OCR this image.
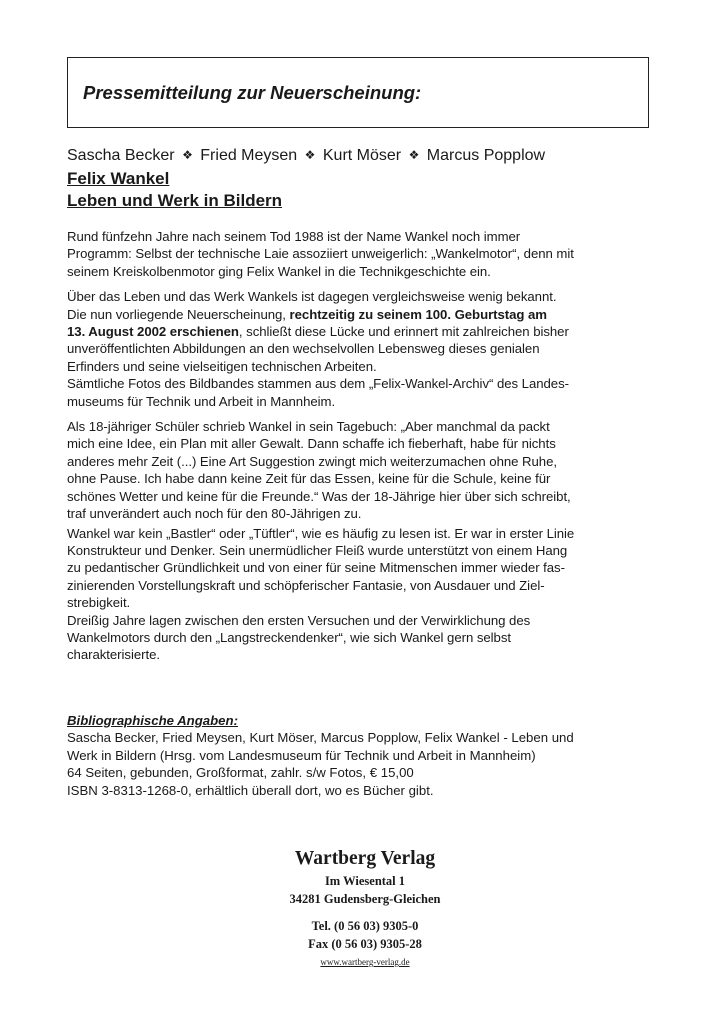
Pressemitteilung zur Neuerscheinung:
Sascha Becker ❖ Fried Meysen ❖ Kurt Möser ❖ Marcus Popplow
Felix Wankel
Leben und Werk in Bildern

Rund fünfzehn Jahre nach seinem Tod 1988 ist der Name Wankel noch immer
Programm: Selbst der technische Laie assoziiert unweigerlich: „Wankelmotor“, denn mit
seinem Kreiskolbenmotor ging Felix Wankel in die Technikgeschichte ein.

Über das Leben und das Werk Wankels ist dagegen vergleichsweise wenig bekannt.
Die nun vorliegende Neuerscheinung, rechtzeitig zu seinem 100. Geburtstag am
13. August 2002 erschienen, schließt diese Lücke und erinnert mit zahlreichen bisher
unveröffentlichten Abbildungen an den wechselvollen Lebensweg dieses genialen
Erfinders und seine vielseitigen technischen Arbeiten.
Sämtliche Fotos des Bildbandes stammen aus dem „Felix-Wankel-Archiv“ des Landes-
museums für Technik und Arbeit in Mannheim.

Als 18-jähriger Schüler schrieb Wankel in sein Tagebuch: „Aber manchmal da packt
mich eine Idee, ein Plan mit aller Gewalt. Dann schaffe ich fieberhaft, habe für nichts
anderes mehr Zeit (...) Eine Art Suggestion zwingt mich weiterzumachen ohne Ruhe,
ohne Pause. Ich habe dann keine Zeit für das Essen, keine für die Schule, keine für
schönes Wetter und keine für die Freunde.“ Was der 18-Jährige hier über sich schreibt,
traf unverändert auch noch für den 80-Jährigen zu.

Wankel war kein „Bastler“ oder „Tüftler“, wie es häufig zu lesen ist. Er war in erster Linie
Konstrukteur und Denker. Sein unermüdlicher Fleiß wurde unterstützt von einem Hang
zu pedantischer Gründlichkeit und von einer für seine Mitmenschen immer wieder fas-
zinierenden Vorstellungskraft und schöpferischer Fantasie, von Ausdauer und Ziel-
strebigkeit.
Dreißig Jahre lagen zwischen den ersten Versuchen und der Verwirklichung des
Wankelmotors durch den „Langstreckendenker“, wie sich Wankel gern selbst
charakterisierte.

Bibliographische Angaben:
Sascha Becker, Fried Meysen, Kurt Möser, Marcus Popplow, Felix Wankel - Leben und
Werk in Bildern (Hrsg. vom Landesmuseum für Technik und Arbeit in Mannheim)
64 Seiten, gebunden, Großformat, zahlr. s/w Fotos, € 15,00
ISBN 3-8313-1268-0, erhältlich überall dort, wo es Bücher gibt.
Wartberg Verlag
Im Wiesental 1
34281 Gudensberg-Gleichen
Tel. (0 56 03) 9305-0
Fax (0 56 03) 9305-28
www.wartberg-verlag.de
